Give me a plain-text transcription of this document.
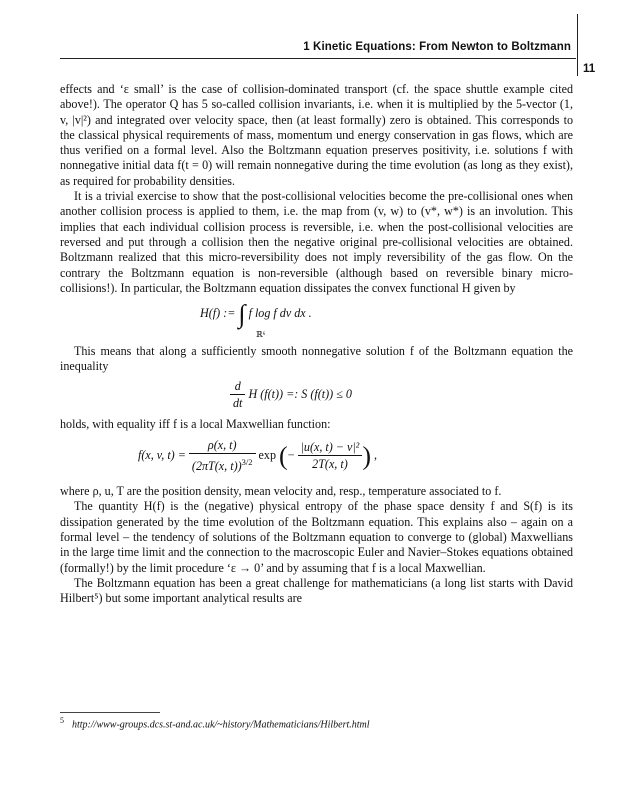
1 Kinetic Equations: From Newton to Boltzmann
11

effects and ‘ε small’ is the case of collision-dominated transport (cf. the space shuttle example cited above!). The operator Q has 5 so-called collision invariants, i.e. when it is multiplied by the 5-vector (1, v, |v|²) and integrated over velocity space, then (at least formally) zero is obtained. This corresponds to the classical physical requirements of mass, momentum und energy conservation in gas flows, which are thus verified on a formal level. Also the Boltzmann equation preserves positivity, i.e. solutions f with nonnegative initial data f(t = 0) will remain nonnegative during the time evolution (as long as they exist), as required for probability densities.

It is a trivial exercise to show that the post-collisional velocities become the pre-collisional ones when another collision process is applied to them, i.e. the map from (v, w) to (v*, w*) is an involution. This implies that each individual collision process is reversible, i.e. when the post-collisional velocities are reversed and put through a collision then the negative original pre-collisional velocities are obtained. Boltzmann realized that this micro-reversibility does not imply reversibility of the gas flow. On the contrary the Boltzmann equation is non-reversible (although based on reversible binary micro-collisions!). In particular, the Boltzmann equation dissipates the convex functional H given by

H(f) := ∫ f log f dv dx .
ℝ⁶

This means that along a sufficiently smooth nonnegative solution f of the Boltzmann equation the inequality

$\frac{d}{dt}$ H (f(t)) =: S (f(t)) ≤ 0

holds, with equality iff f is a local Maxwellian function:

f(x, v, $t) = \frac{\rho(x, t)}{(2\pi T(x, t))^{3/2}}$ exp (− $\frac{\text{|u(x, t) − v|²}}{2T(x, t)}$ ) ,

where ρ, u, T are the position density, mean velocity and, resp., temperature associated to f.

The quantity H(f) is the (negative) physical entropy of the phase space density f and S(f) is its dissipation generated by the time evolution of the Boltzmann equation. This explains also – again on a formal level – the tendency of solutions of the Boltzmann equation to converge to (global) Maxwellians in the large time limit and the connection to the macroscopic Euler and Navier–Stokes equations obtained (formally!) by the limit procedure ‘ε → 0’ and by assuming that f is a local Maxwellian.

The Boltzmann equation has been a great challenge for mathematicians (a long list starts with David Hilbert⁵) but some important analytical results are

$^5$ http://www-groups.dcs.st-and.ac.uk/~history/Mathematicians/Hilbert.html
